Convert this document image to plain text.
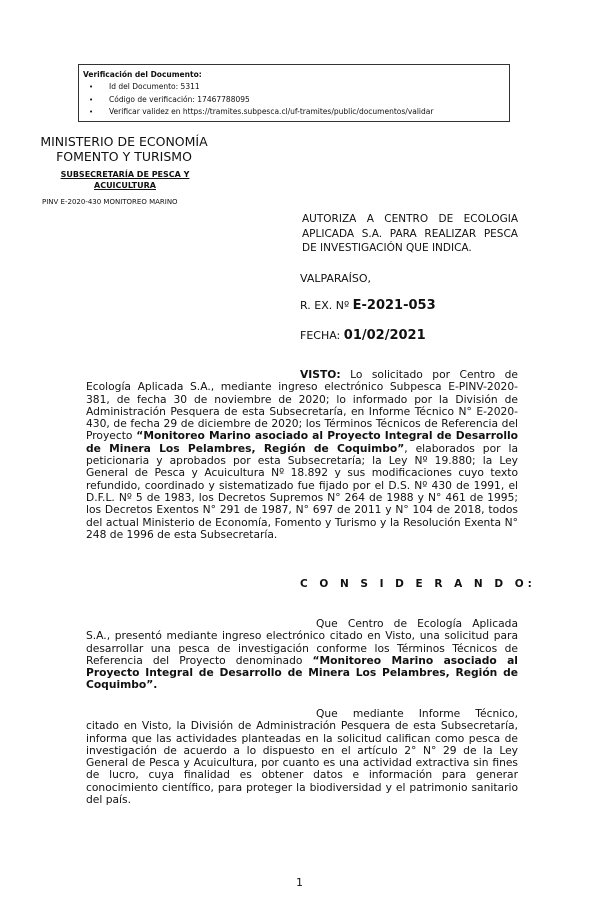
Verificación del Documento:
• Id del Documento: 5311
• Código de verificación: 17467788095
• Verificar validez en https://tramites.subpesca.cl/uf-tramites/public/documentos/validar
MINISTERIO DE ECONOMÍA
FOMENTO Y TURISMO
SUBSECRETARÍA DE PESCA Y
ACUICULTURA
PINV E-2020-430 MONITOREO MARINO
AUTORIZA A CENTRO DE ECOLOGIA APLICADA S.A. PARA REALIZAR PESCA DE INVESTIGACIÓN QUE INDICA.
VALPARAÍSO,
R. EX. Nº E-2021-053
FECHA: 01/02/2021
VISTO: Lo solicitado por Centro de Ecología Aplicada S.A., mediante ingreso electrónico Subpesca E-PINV-2020-381, de fecha 30 de noviembre de 2020; lo informado por la División de Administración Pesquera de esta Subsecretaría, en Informe Técnico N° E-2020-430, de fecha 29 de diciembre de 2020; los Términos Técnicos de Referencia del Proyecto “Monitoreo Marino asociado al Proyecto Integral de Desarrollo de Minera Los Pelambres, Región de Coquimbo”, elaborados por la peticionaria y aprobados por esta Subsecretaría; la Ley Nº 19.880; la Ley General de Pesca y Acuicultura Nº 18.892 y sus modificaciones cuyo texto refundido, coordinado y sistematizado fue fijado por el D.S. Nº 430 de 1991, el D.F.L. Nº 5 de 1983, los Decretos Supremos N° 264 de 1988 y N° 461 de 1995; los Decretos Exentos N° 291 de 1987, N° 697 de 2011 y N° 104 de 2018, todos del actual Ministerio de Economía, Fomento y Turismo y la Resolución Exenta N° 248 de 1996 de esta Subsecretaría.
C O N S I D E R A N D O:
Que Centro de Ecología Aplicada S.A., presentó mediante ingreso electrónico citado en Visto, una solicitud para desarrollar una pesca de investigación conforme los Términos Técnicos de Referencia del Proyecto denominado “Monitoreo Marino asociado al Proyecto Integral de Desarrollo de Minera Los Pelambres, Región de Coquimbo”.
Que mediante Informe Técnico, citado en Visto, la División de Administración Pesquera de esta Subsecretaría, informa que las actividades planteadas en la solicitud califican como pesca de investigación de acuerdo a lo dispuesto en el artículo 2° N° 29 de la Ley General de Pesca y Acuicultura, por cuanto es una actividad extractiva sin fines de lucro, cuya finalidad es obtener datos e información para generar conocimiento científico, para proteger la biodiversidad y el patrimonio sanitario del país.
1
